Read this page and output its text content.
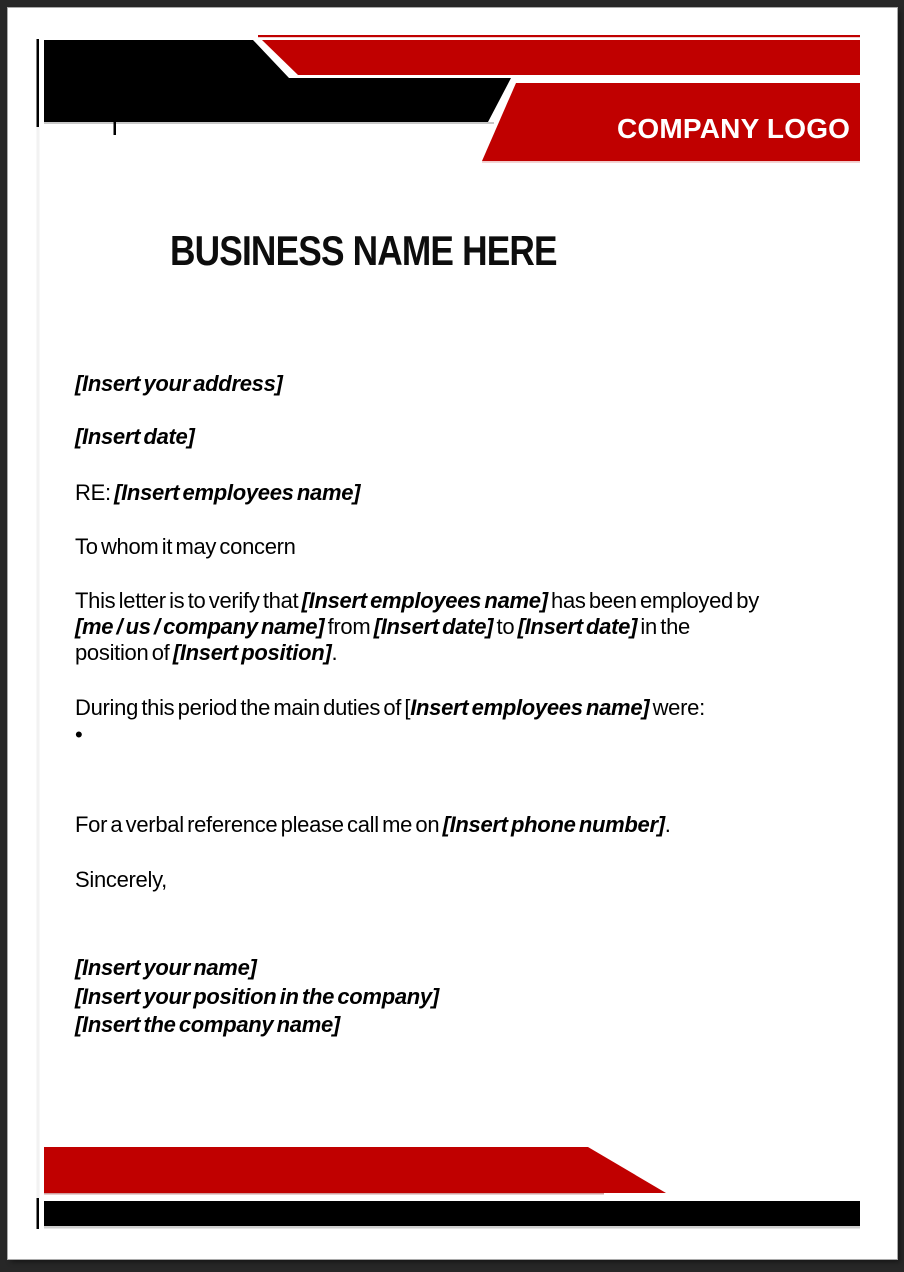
COMPANY LOGO
BUSINESS NAME HERE
[Insert your address]
[Insert date]
RE: [Insert employees name]
To whom it may concern
This letter is to verify that [Insert employees name] has been employed by
[me / us / company name] from [Insert date] to [Insert date] in the
position of [Insert position].
During this period the main duties of [Insert employees name] were:
•
For a verbal reference please call me on [Insert phone number].
Sincerely,
[Insert your name]
[Insert your position in the company]
[Insert the company name]
